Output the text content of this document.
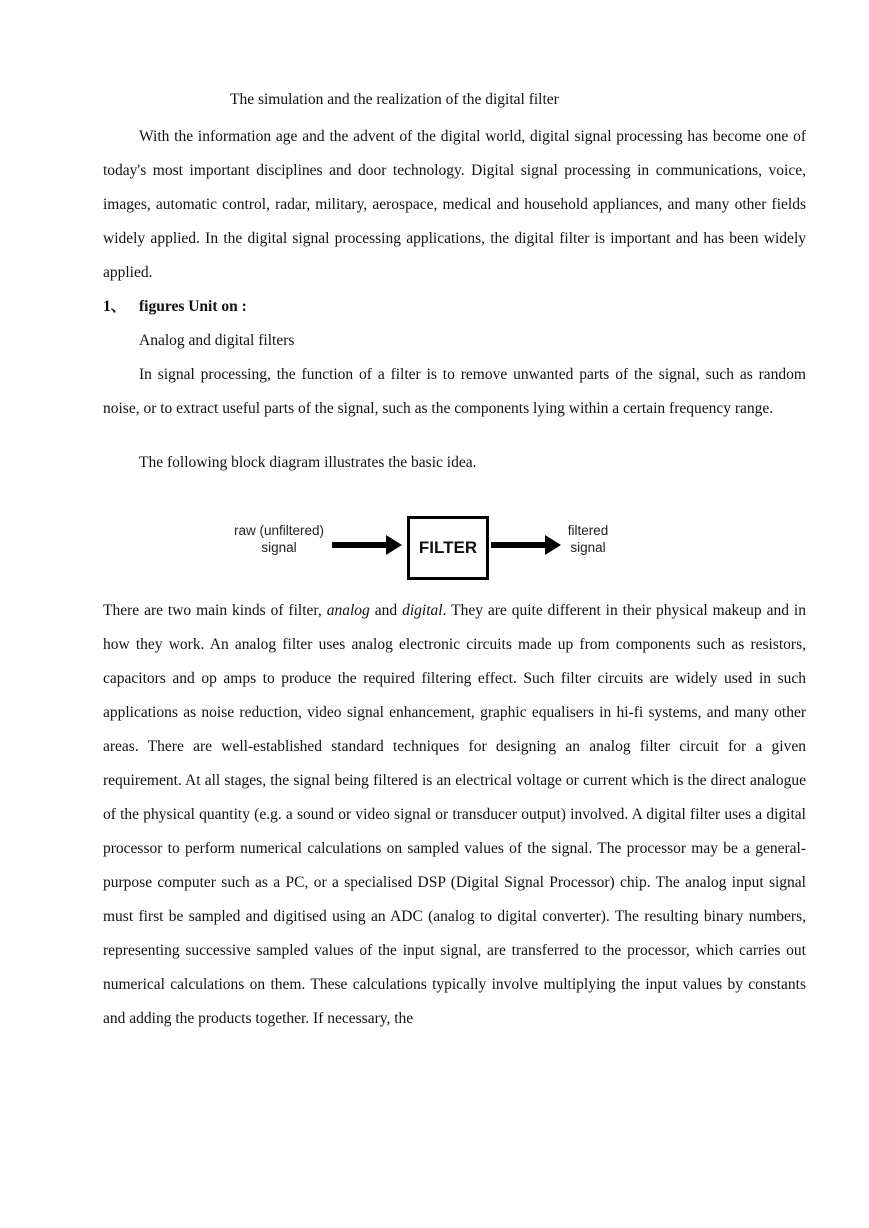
The simulation and the realization of the digital filter

With the information age and the advent of the digital world, digital signal processing has become one of today's most important disciplines and door technology. Digital signal processing in communications, voice, images, automatic control, radar, military, aerospace, medical and household appliances, and many other fields widely applied. In the digital signal processing applications, the digital filter is important and has been widely applied.

1、 figures Unit on :
Analog and digital filters

In signal processing, the function of a filter is to remove unwanted parts of the signal, such as random noise, or to extract useful parts of the signal, such as the components lying within a certain frequency range.

The following block diagram illustrates the basic idea.
raw (unfiltered)
signal	FILTER
filtered
signal

There are two main kinds of filter, analog and digital. They are quite different in their physical makeup and in how they work. An analog filter uses analog electronic circuits made up from components such as resistors, capacitors and op amps to produce the required filtering effect. Such filter circuits are widely used in such applications as noise reduction, video signal enhancement, graphic equalisers in hi-fi systems, and many other areas. There are well-established standard techniques for designing an analog filter circuit for a given requirement. At all stages, the signal being filtered is an electrical voltage or current which is the direct analogue of the physical quantity (e.g. a sound or video signal or transducer output) involved. A digital filter uses a digital processor to perform numerical calculations on sampled values of the signal. The processor may be a general-purpose computer such as a PC, or a specialised DSP (Digital Signal Processor) chip. The analog input signal must first be sampled and digitised using an ADC (analog to digital converter). The resulting binary numbers, representing successive sampled values of the input signal, are transferred to the processor, which carries out numerical calculations on them. These calculations typically involve multiplying the input values by constants and adding the products together. If necessary, the
